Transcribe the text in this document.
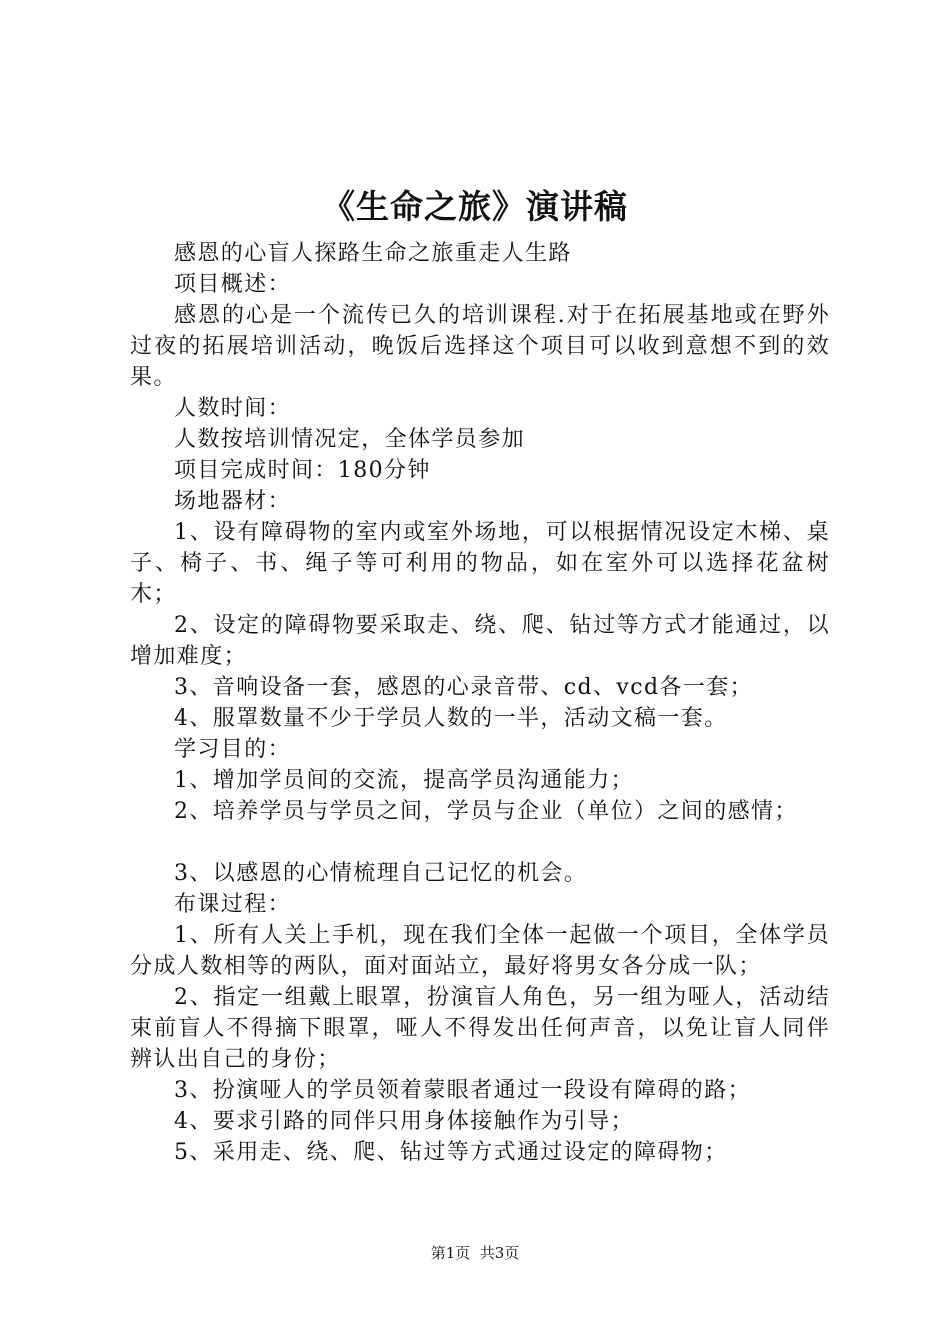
《生命之旅》演讲稿

感恩的心盲人探路生命之旅重走人生路

项目概述：

感恩的心是一个流传已久的培训课程.对于在拓展基地或在野外过夜的拓展培训活动，晚饭后选择这个项目可以收到意想不到的效果。

人数时间：

人数按培训情况定，全体学员参加

项目完成时间：180分钟

场地器材：

1、设有障碍物的室内或室外场地，可以根据情况设定木梯、桌子、椅子、书、绳子等可利用的物品，如在室外可以选择花盆树木；

2、设定的障碍物要采取走、绕、爬、钻过等方式才能通过，以增加难度；

3、音响设备一套，感恩的心录音带、cd、vcd各一套；

4、服罩数量不少于学员人数的一半，活动文稿一套。

学习目的：

1、增加学员间的交流，提高学员沟通能力；

2、培养学员与学员之间，学员与企业（单位）之间的感情；

3、以感恩的心情梳理自己记忆的机会。

布课过程：

1、所有人关上手机，现在我们全体一起做一个项目，全体学员分成人数相等的两队，面对面站立，最好将男女各分成一队；

2、指定一组戴上眼罩，扮演盲人角色，另一组为哑人，活动结束前盲人不得摘下眼罩，哑人不得发出任何声音，以免让盲人同伴辨认出自己的身份；

3、扮演哑人的学员领着蒙眼者通过一段设有障碍的路；

4、要求引路的同伴只用身体接触作为引导；

5、采用走、绕、爬、钻过等方式通过设定的障碍物；

第1页  共3页
